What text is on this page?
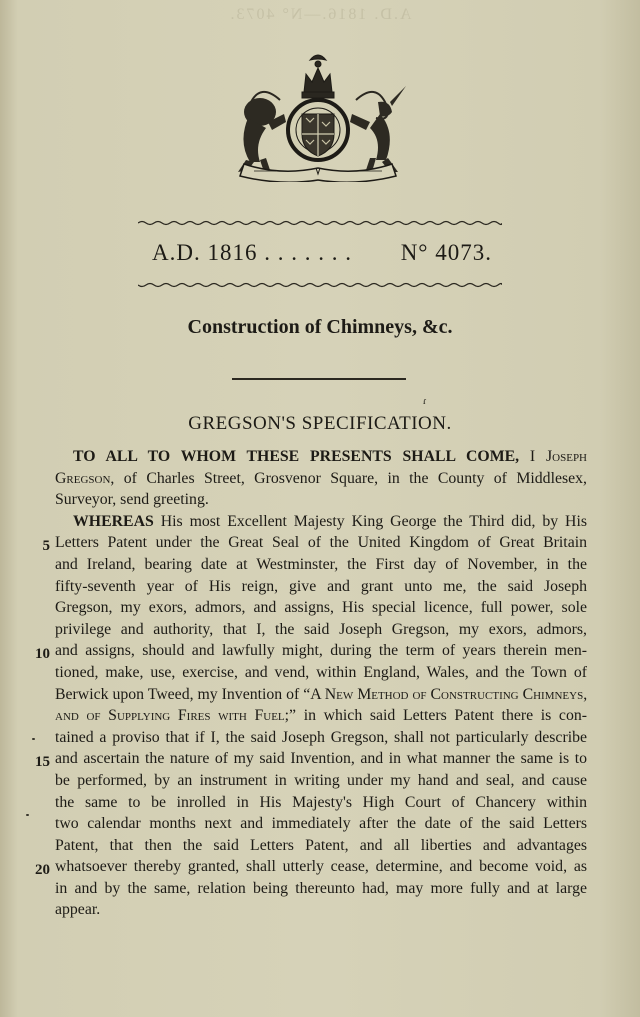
A.D. 1816.—N° 4073.
A.D. 1816 . . . . . . . N° 4073.
Construction of Chimneys, &c.
ɾ
GREGSON'S SPECIFICATION.
TO ALL TO WHOM THESE PRESENTS SHALL COME, I Joseph
Gregson, of Charles Street, Grosvenor Square, in the County of Middlesex,
Surveyor, send greeting.
WHEREAS His most Excellent Majesty King George the Third did, by His
Letters Patent under the Great Seal of the United Kingdom of Great Britain
and Ireland, bearing date at Westminster, the First day of November, in the
fifty-seventh year of His reign, give and grant unto me, the said Joseph
Gregson, my exors, admors, and assigns, His special licence, full power, sole
privilege and authority, that I, the said Joseph Gregson, my exors, admors,
and assigns, should and lawfully might, during the term of years therein men-
tioned, make, use, exercise, and vend, within England, Wales, and the Town of
Berwick upon Tweed, my Invention of “A New Method of Constructing Chimneys,
and of Supplying Fires with Fuel;” in which said Letters Patent there is con-
tained a proviso that if I, the said Joseph Gregson, shall not particularly describe
and ascertain the nature of my said Invention, and in what manner the same is to
be performed, by an instrument in writing under my hand and seal, and cause
the same to be inrolled in His Majesty's High Court of Chancery within
two calendar months next and immediately after the date of the said Letters
Patent, that then the said Letters Patent, and all liberties and advantages
whatsoever thereby granted, shall utterly cease, determine, and become void, as
in and by the same, relation being thereunto had, may more fully and at large
appear.
5
10
15
20
